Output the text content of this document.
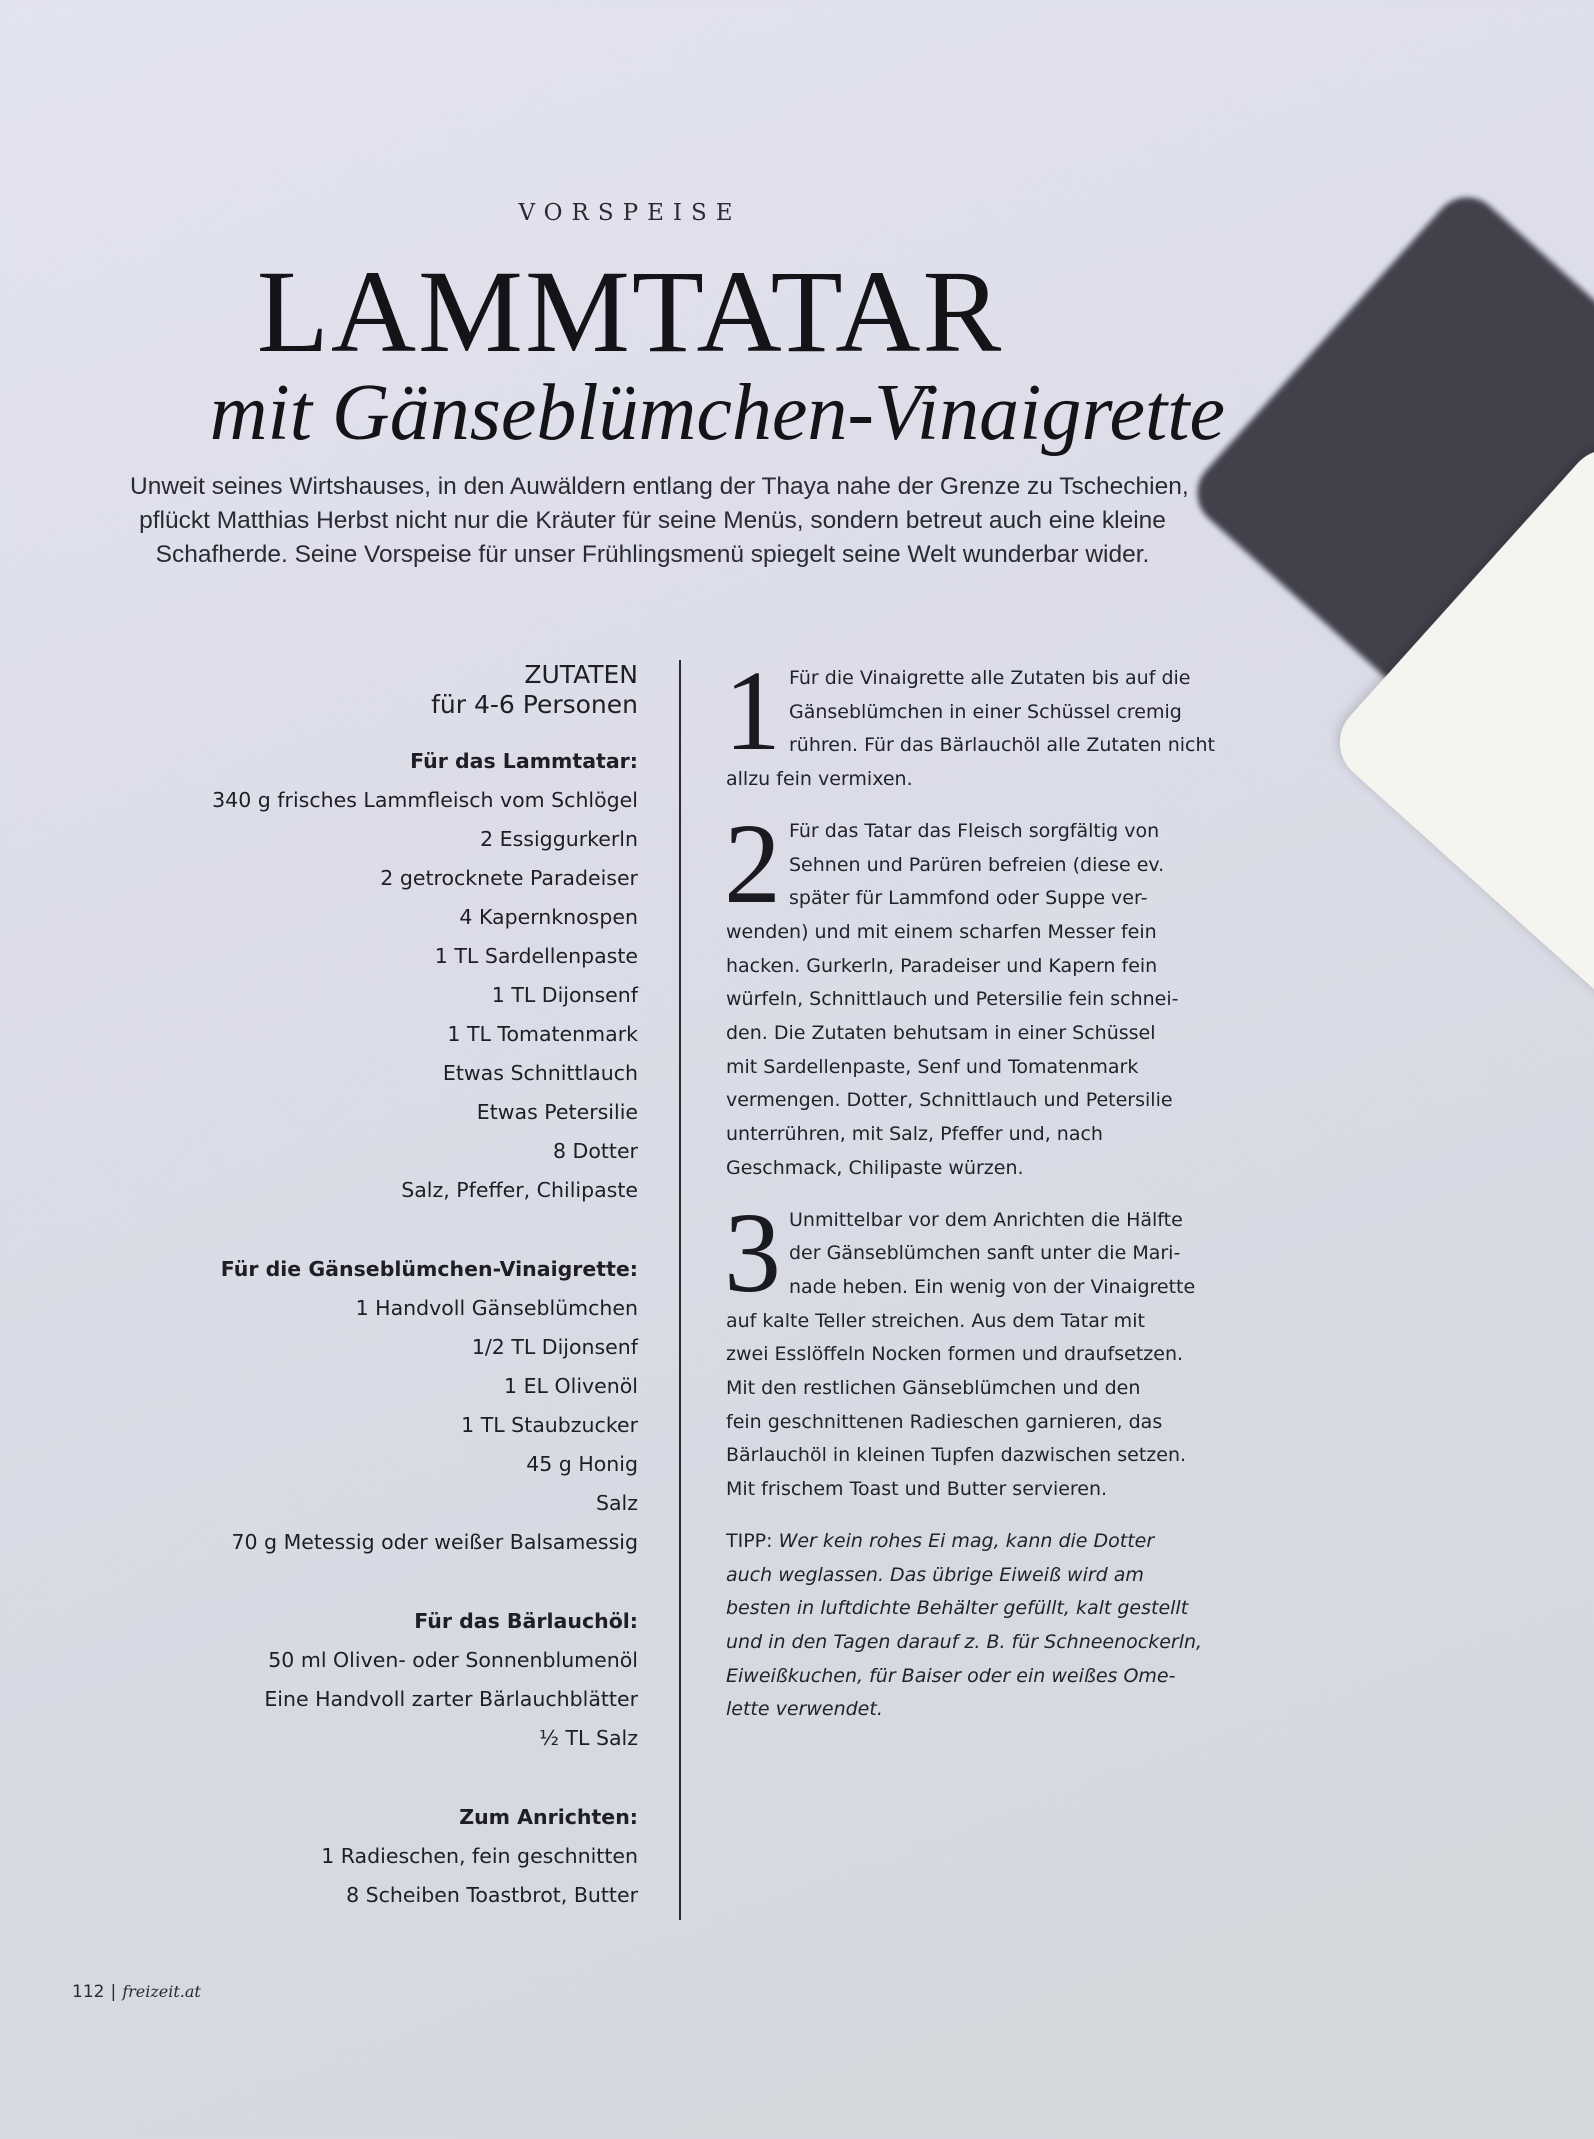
VORSPEISE
LAMMTATAR
mit Gänseblümchen-Vinaigrette
Unweit seines Wirtshauses, in den Auwäldern entlang der Thaya nahe der Grenze zu Tschechien,
pflückt Matthias Herbst nicht nur die Kräuter für seine Menüs, sondern betreut auch eine kleine
Schafherde. Seine Vorspeise für unser Frühlingsmenü spiegelt seine Welt wunderbar wider.
ZUTATEN
für 4-6 Personen
Für das Lammtatar:
340 g frisches Lammfleisch vom Schlögel
2 Essiggurkerln
2 getrocknete Paradeiser
4 Kapernknospen
1 TL Sardellenpaste
1 TL Dijonsenf
1 TL Tomatenmark
Etwas Schnittlauch
Etwas Petersilie
8 Dotter
Salz, Pfeffer, Chilipaste
Für die Gänseblümchen-Vinaigrette:
1 Handvoll Gänseblümchen
1/2 TL Dijonsenf
1 EL Olivenöl
1 TL Staubzucker
45 g Honig
Salz
70 g Metessig oder weißer Balsamessig
Für das Bärlauchöl:
50 ml Oliven- oder Sonnenblumenöl
Eine Handvoll zarter Bärlauchblätter
½ TL Salz
Zum Anrichten:
1 Radieschen, fein geschnitten
8 Scheiben Toastbrot, Butter
1 Für die Vinaigrette alle Zutaten bis auf die
Gänseblümchen in einer Schüssel cremig
rühren. Für das Bärlauchöl alle Zutaten nicht
allzu fein vermixen.
2 Für das Tatar das Fleisch sorgfältig von
Sehnen und Parüren befreien (diese ev.
später für Lammfond oder Suppe ver-
wenden) und mit einem scharfen Messer fein
hacken. Gurkerln, Paradeiser und Kapern fein
würfeln, Schnittlauch und Petersilie fein schnei-
den. Die Zutaten behutsam in einer Schüssel
mit Sardellenpaste, Senf und Tomatenmark
vermengen. Dotter, Schnittlauch und Petersilie
unterrühren, mit Salz, Pfeffer und, nach
Geschmack, Chilipaste würzen.
3 Unmittelbar vor dem Anrichten die Hälfte
der Gänseblümchen sanft unter die Mari-
nade heben. Ein wenig von der Vinaigrette
auf kalte Teller streichen. Aus dem Tatar mit
zwei Esslöffeln Nocken formen und draufsetzen.
Mit den restlichen Gänseblümchen und den
fein geschnittenen Radieschen garnieren, das
Bärlauchöl in kleinen Tupfen dazwischen setzen.
Mit frischem Toast und Butter servieren.
TIPP: Wer kein rohes Ei mag, kann die Dotter
auch weglassen. Das übrige Eiweiß wird am
besten in luftdichte Behälter gefüllt, kalt gestellt
und in den Tagen darauf z. B. für Schneenockerln,
Eiweißkuchen, für Baiser oder ein weißes Ome-
lette verwendet.
112 | freizeit.at
